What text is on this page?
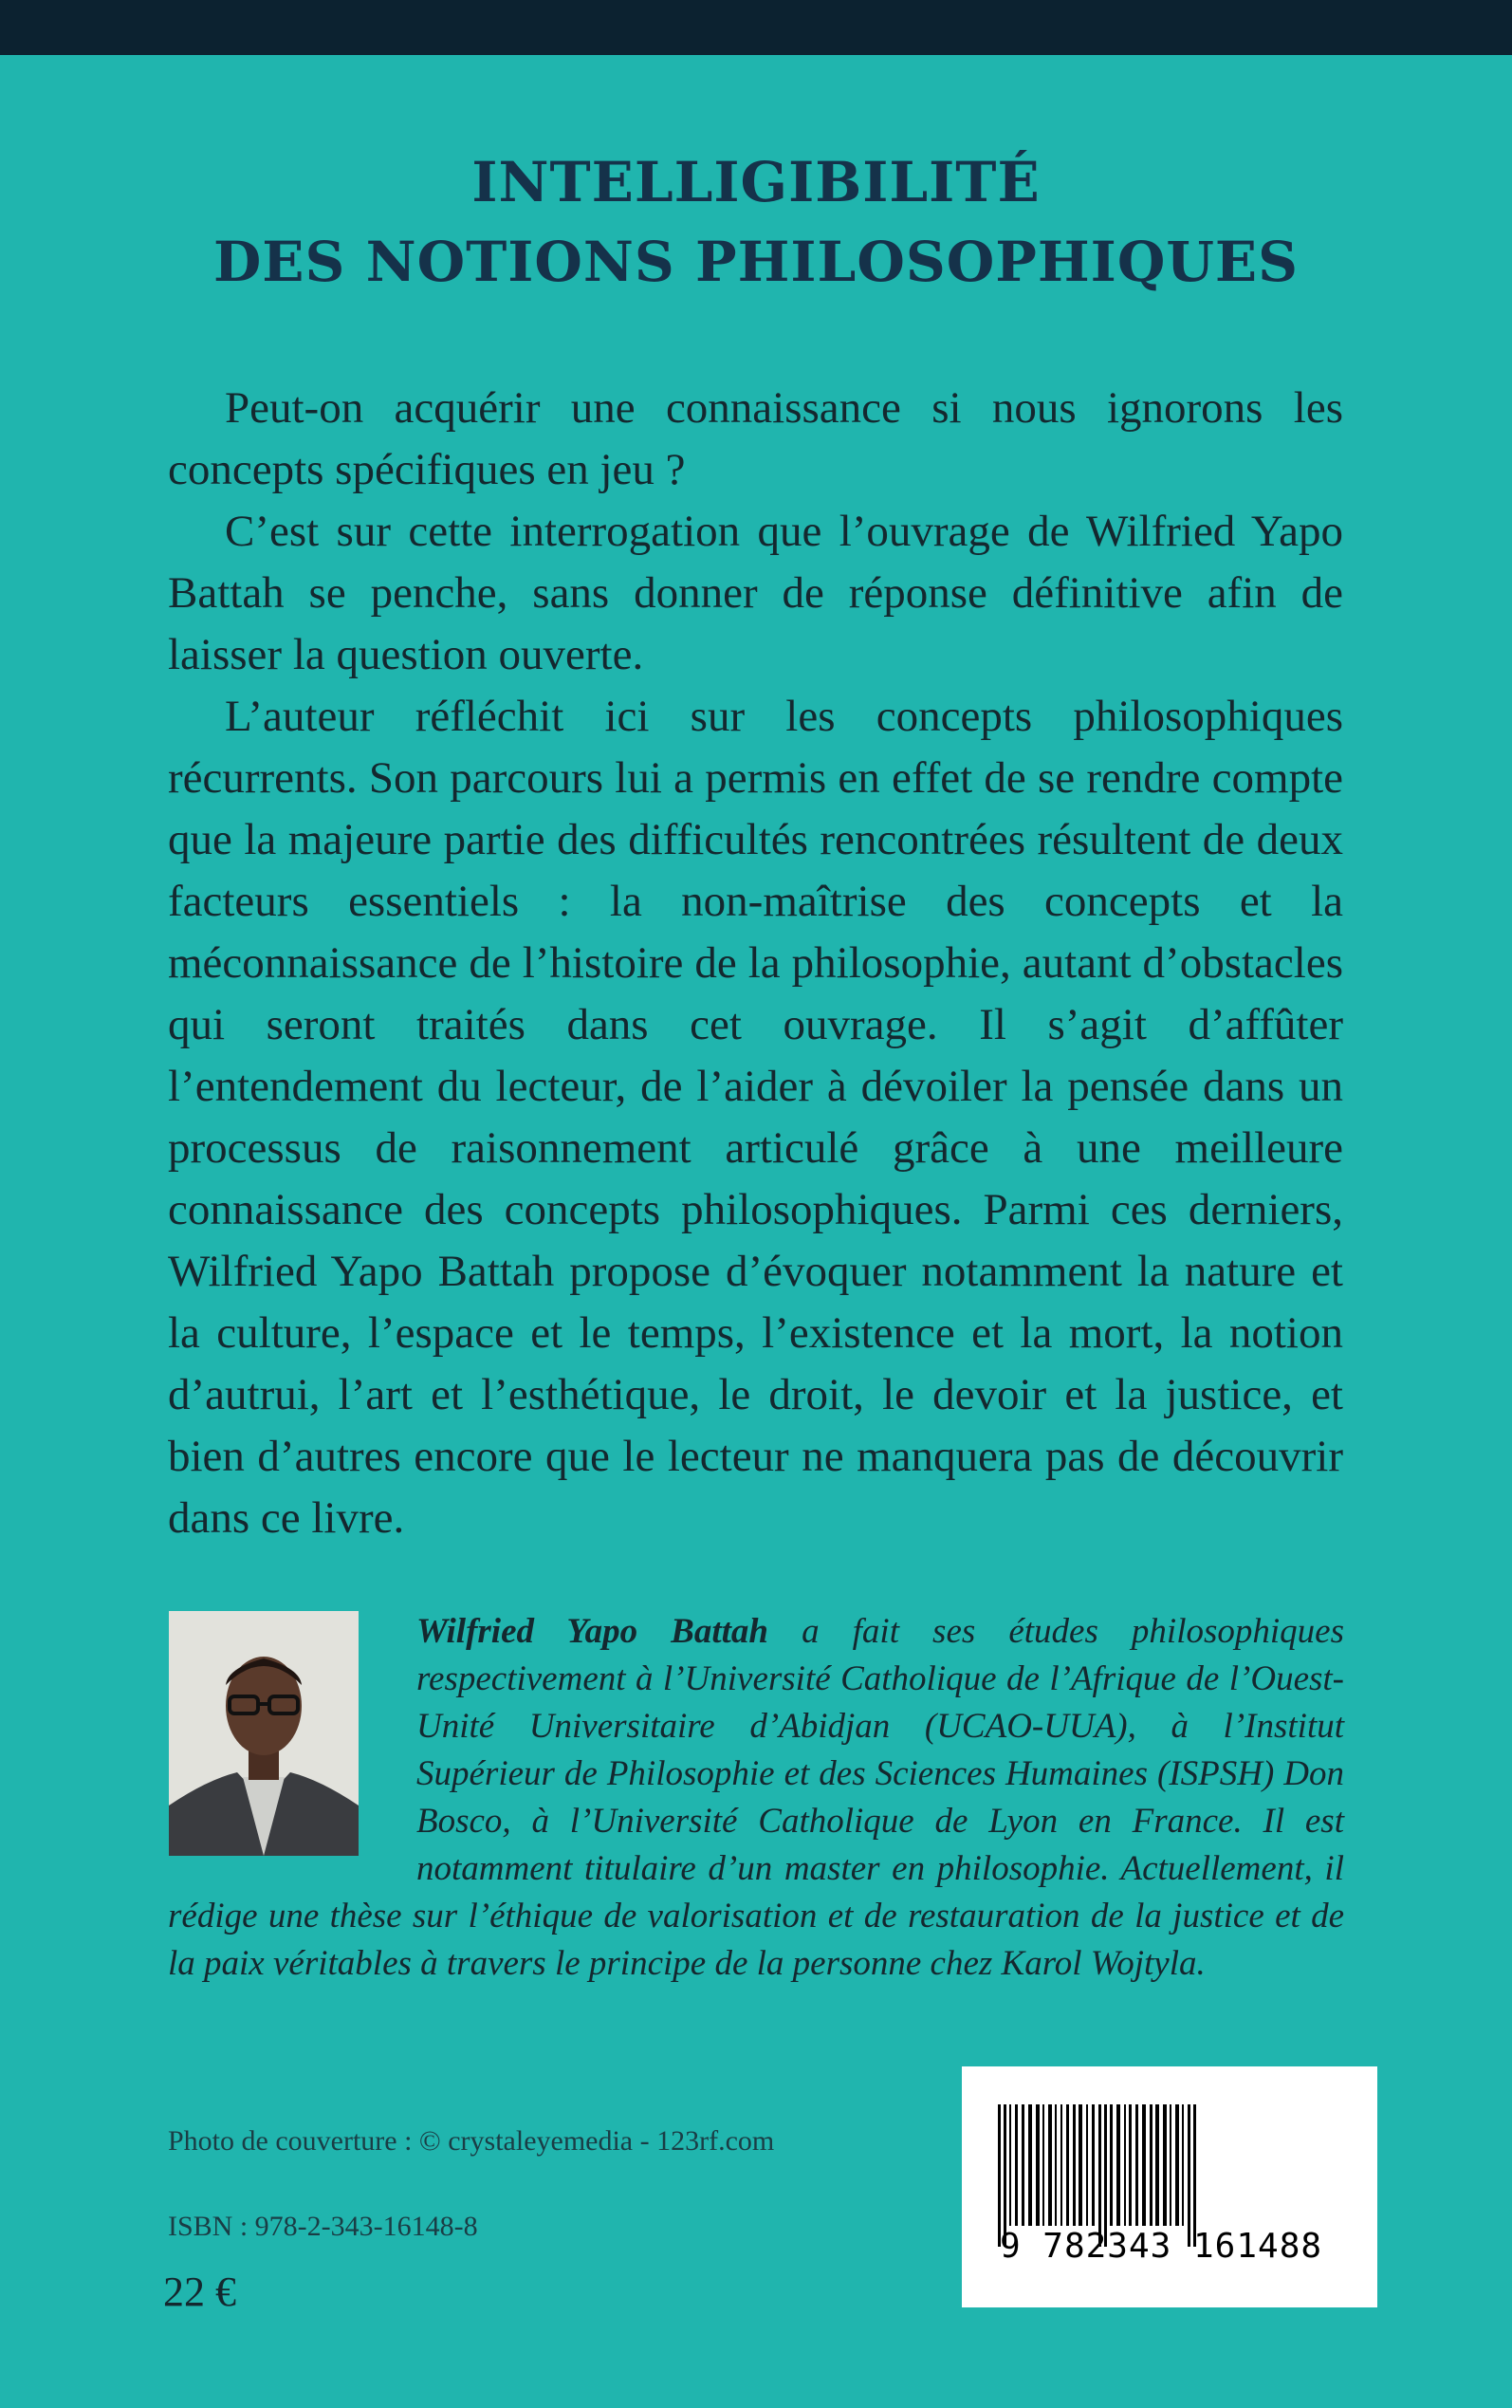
INTELLIGIBILITÉ
DES NOTIONS PHILOSOPHIQUES

Peut-on acquérir une connaissance si nous ignorons les concepts spécifiques en jeu ?

C’est sur cette interrogation que l’ouvrage de Wilfried Yapo Battah se penche, sans donner de réponse définitive afin de laisser la question ouverte.

L’auteur réfléchit ici sur les concepts philosophiques récurrents. Son parcours lui a permis en effet de se rendre compte que la majeure partie des difficultés rencontrées résultent de deux facteurs essentiels : la non-maîtrise des concepts et la méconnaissance de l’histoire de la philosophie, autant d’obstacles qui seront traités dans cet ouvrage. Il s’agit d’affûter l’entendement du lecteur, de l’aider à dévoiler la pensée dans un processus de raisonnement articulé grâce à une meilleure connaissance des concepts philosophiques. Parmi ces derniers, Wilfried Yapo Battah propose d’évoquer notamment la nature et la culture, l’espace et le temps, l’existence et la mort, la notion d’autrui, l’art et l’esthétique, le droit, le devoir et la justice, et bien d’autres encore que le lecteur ne manquera pas de découvrir dans ce livre.

Wilfried Yapo Battah a fait ses études philosophiques respectivement à l’Université Catholique de l’Afrique de l’Ouest-Unité Universitaire d’Abidjan (UCAO-UUA), à l’Institut Supérieur de Philosophie et des Sciences Humaines (ISPSH) Don Bosco, à l’Université Catholique de Lyon en France. Il est notamment titulaire d’un master en philosophie. Actuellement, il rédige une thèse sur l’éthique de valorisation et de restauration de la justice et de la paix véritables à travers le principe de la personne chez Karol Wojtyla.
Photo de couverture : © crystaleyemedia - 123rf.com
ISBN : 978-2-343-16148-8
22 €
9 782343 161488
